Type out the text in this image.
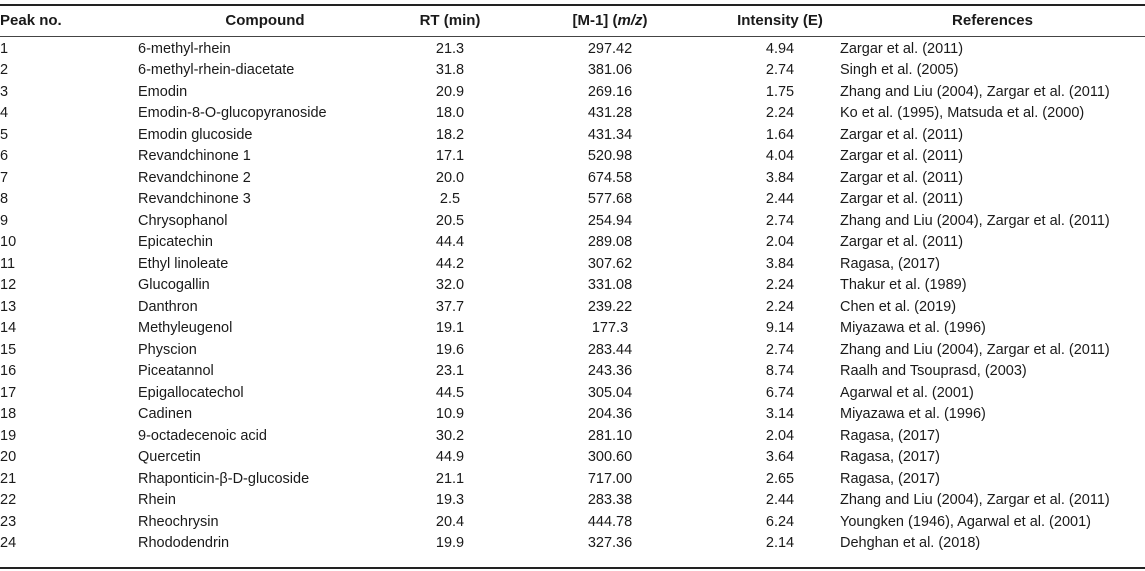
Peak no.	Compound	RT (min)	[M-1] (m/z)	Intensity (E)	References
1	6-methyl-rhein	21.3	297.42	4.94	Zargar et al. (2011)
2	6-methyl-rhein-diacetate	31.8	381.06	2.74	Singh et al. (2005)
3	Emodin	20.9	269.16	1.75	Zhang and Liu (2004), Zargar et al. (2011)
4	Emodin-8-O-glucopyranoside	18.0	431.28	2.24	Ko et al. (1995), Matsuda et al. (2000)
5	Emodin glucoside	18.2	431.34	1.64	Zargar et al. (2011)
6	Revandchinone 1	17.1	520.98	4.04	Zargar et al. (2011)
7	Revandchinone 2	20.0	674.58	3.84	Zargar et al. (2011)
8	Revandchinone 3	2.5	577.68	2.44	Zargar et al. (2011)
9	Chrysophanol	20.5	254.94	2.74	Zhang and Liu (2004), Zargar et al. (2011)
10	Epicatechin	44.4	289.08	2.04	Zargar et al. (2011)
11	Ethyl linoleate	44.2	307.62	3.84	Ragasa, (2017)
12	Glucogallin	32.0	331.08	2.24	Thakur et al. (1989)
13	Danthron	37.7	239.22	2.24	Chen et al. (2019)
14	Methyleugenol	19.1	177.3	9.14	Miyazawa et al. (1996)
15	Physcion	19.6	283.44	2.74	Zhang and Liu (2004), Zargar et al. (2011)
16	Piceatannol	23.1	243.36	8.74	Raalh and Tsouprasd, (2003)
17	Epigallocatechol	44.5	305.04	6.74	Agarwal et al. (2001)
18	Cadinen	10.9	204.36	3.14	Miyazawa et al. (1996)
19	9-octadecenoic acid	30.2	281.10	2.04	Ragasa, (2017)
20	Quercetin	44.9	300.60	3.64	Ragasa, (2017)
21	Rhaponticin-β-D-glucoside	21.1	717.00	2.65	Ragasa, (2017)
22	Rhein	19.3	283.38	2.44	Zhang and Liu (2004), Zargar et al. (2011)
23	Rheochrysin	20.4	444.78	6.24	Youngken (1946), Agarwal et al. (2001)
24	Rhododendrin	19.9	327.36	2.14	Dehghan et al. (2018)
